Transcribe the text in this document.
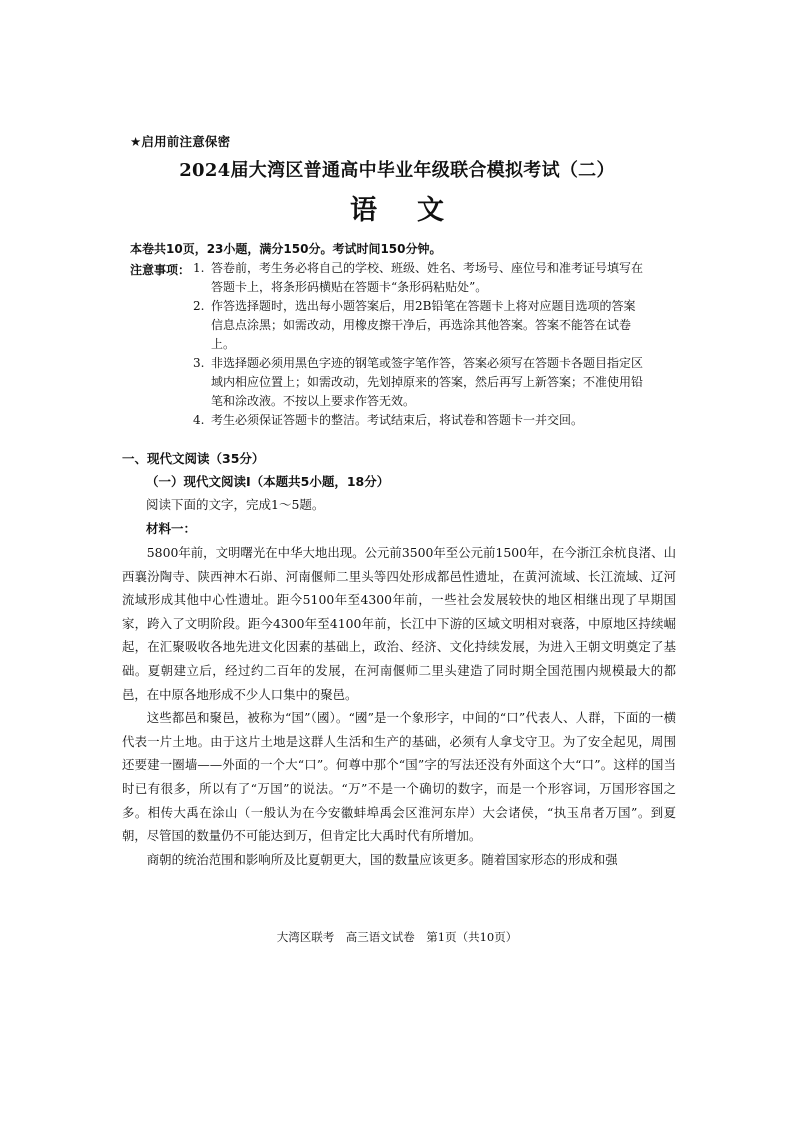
★启用前注意保密
2024届大湾区普通高中毕业年级联合模拟考试（二）
语文
本卷共10页，23小题，满分150分。考试时间150分钟。
注意事项： 1. 答卷前，考生务必将自己的学校、班级、姓名、考场号、座位号和准考证号填写在答题卡上，将条形码横贴在答题卡“条形码粘贴处”。

2. 作答选择题时，选出每小题答案后，用2B铅笔在答题卡上将对应题目选项的答案信息点涂黑；如需改动，用橡皮擦干净后，再选涂其他答案。答案不能答在试卷上。

3. 非选择题必须用黑色字迹的钢笔或签字笔作答，答案必须写在答题卡各题目指定区域内相应位置上；如需改动，先划掉原来的答案，然后再写上新答案；不准使用铅笔和涂改液。不按以上要求作答无效。

4. 考生必须保证答题卡的整洁。考试结束后，将试卷和答题卡一并交回。

一、现代文阅读（35分）
（一）现代文阅读Ⅰ（本题共5小题，18分）
阅读下面的文字，完成1～5题。
材料一：

5800年前，文明曙光在中华大地出现。公元前3500年至公元前1500年，在今浙江余杭良渚、山西襄汾陶寺、陕西神木石峁、河南偃师二里头等四处形成都邑性遗址，在黄河流域、长江流域、辽河流域形成其他中心性遗址。距今5100年至4300年前，一些社会发展较快的地区相继出现了早期国家，跨入了文明阶段。距今4300年至4100年前，长江中下游的区域文明相对衰落，中原地区持续崛起，在汇聚吸收各地先进文化因素的基础上，政治、经济、文化持续发展，为进入王朝文明奠定了基础。夏朝建立后，经过约二百年的发展，在河南偃师二里头建造了同时期全国范围内规模最大的都邑，在中原各地形成不少人口集中的聚邑。

这些都邑和聚邑，被称为“国”（國）。“國”是一个象形字，中间的“口”代表人、人群，下面的一横代表一片土地。由于这片土地是这群人生活和生产的基础，必须有人拿戈守卫。为了安全起见，周围还要建一圈墙——外面的一个大“口”。何尊中那个“国”字的写法还没有外面这个大“口”。这样的国当时已有很多，所以有了“万国”的说法。“万”不是一个确切的数字，而是一个形容词，万国形容国之多。相传大禹在涂山（一般认为在今安徽蚌埠禹会区淮河东岸）大会诸侯，“执玉帛者万国”。到夏朝，尽管国的数量仍不可能达到万，但肯定比大禹时代有所增加。

商朝的统治范围和影响所及比夏朝更大，国的数量应该更多。随着国家形态的形成和强

大湾区联考　高三语文试卷　第1页（共10页）
